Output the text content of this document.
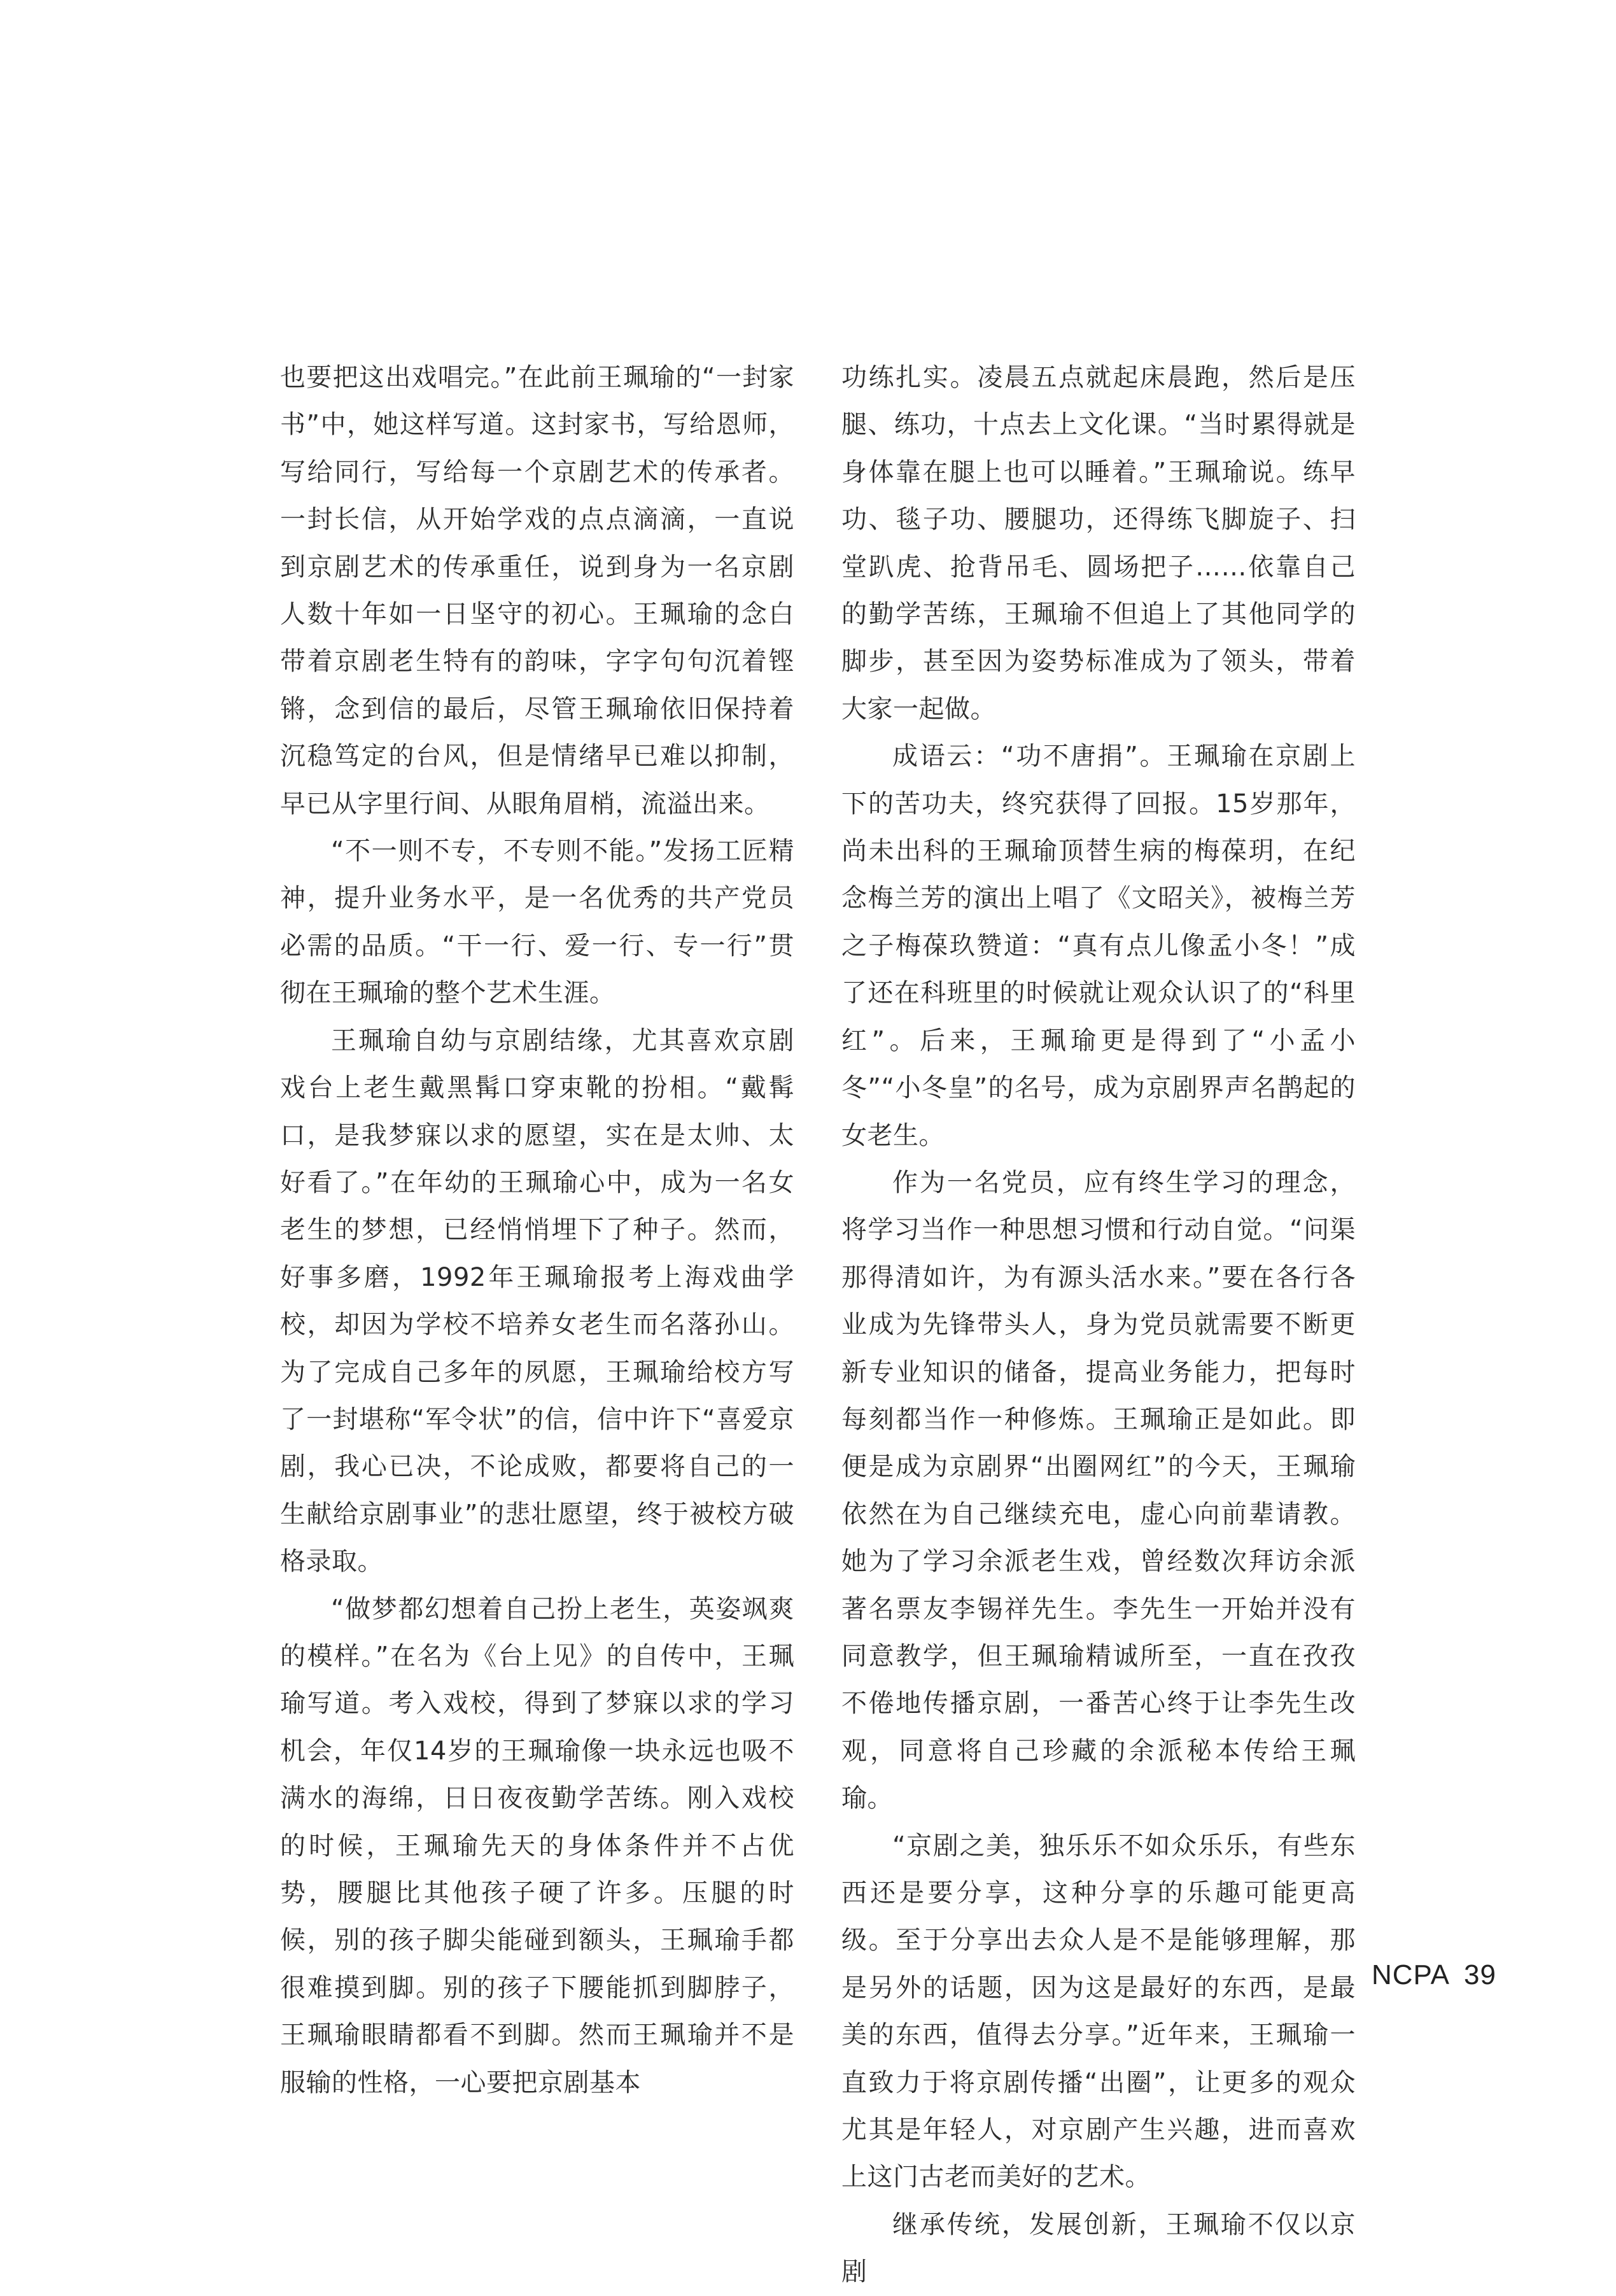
也要把这出戏唱完。”在此前王珮瑜的“一封家书”中，她这样写道。这封家书，写给恩师，写给同行，写给每一个京剧艺术的传承者。一封长信，从开始学戏的点点滴滴，一直说到京剧艺术的传承重任，说到身为一名京剧人数十年如一日坚守的初心。王珮瑜的念白带着京剧老生特有的韵味，字字句句沉着铿锵，念到信的最后，尽管王珮瑜依旧保持着沉稳笃定的台风，但是情绪早已难以抑制，早已从字里行间、从眼角眉梢，流溢出来。

“不一则不专，不专则不能。”发扬工匠精神，提升业务水平，是一名优秀的共产党员必需的品质。“干一行、爱一行、专一行”贯彻在王珮瑜的整个艺术生涯。

王珮瑜自幼与京剧结缘，尤其喜欢京剧戏台上老生戴黑髯口穿束靴的扮相。“戴髯口，是我梦寐以求的愿望，实在是太帅、太好看了。”在年幼的王珮瑜心中，成为一名女老生的梦想，已经悄悄埋下了种子。然而，好事多磨，1992年王珮瑜报考上海戏曲学校，却因为学校不培养女老生而名落孙山。为了完成自己多年的夙愿，王珮瑜给校方写了一封堪称“军令状”的信，信中许下“喜爱京剧，我心已决，不论成败，都要将自己的一生献给京剧事业”的悲壮愿望，终于被校方破格录取。

“做梦都幻想着自己扮上老生，英姿飒爽的模样。”在名为《台上见》的自传中，王珮瑜写道。考入戏校，得到了梦寐以求的学习机会，年仅14岁的王珮瑜像一块永远也吸不满水的海绵，日日夜夜勤学苦练。刚入戏校的时候，王珮瑜先天的身体条件并不占优势，腰腿比其他孩子硬了许多。压腿的时候，别的孩子脚尖能碰到额头，王珮瑜手都很难摸到脚。别的孩子下腰能抓到脚脖子，王珮瑜眼睛都看不到脚。然而王珮瑜并不是服输的性格，一心要把京剧基本

功练扎实。凌晨五点就起床晨跑，然后是压腿、练功，十点去上文化课。“当时累得就是身体靠在腿上也可以睡着。”王珮瑜说。练早功、毯子功、腰腿功，还得练飞脚旋子、扫堂趴虎、抢背吊毛、圆场把子……依靠自己的勤学苦练，王珮瑜不但追上了其他同学的脚步，甚至因为姿势标准成为了领头，带着大家一起做。

成语云：“功不唐捐”。王珮瑜在京剧上下的苦功夫，终究获得了回报。15岁那年，尚未出科的王珮瑜顶替生病的梅葆玥，在纪念梅兰芳的演出上唱了《文昭关》，被梅兰芳之子梅葆玖赞道：“真有点儿像孟小冬！”成了还在科班里的时候就让观众认识了的“科里红”。后来，王珮瑜更是得到了“小孟小冬”“小冬皇”的名号，成为京剧界声名鹊起的女老生。

作为一名党员，应有终生学习的理念，将学习当作一种思想习惯和行动自觉。“问渠那得清如许，为有源头活水来。”要在各行各业成为先锋带头人，身为党员就需要不断更新专业知识的储备，提高业务能力，把每时每刻都当作一种修炼。王珮瑜正是如此。即便是成为京剧界“出圈网红”的今天，王珮瑜依然在为自己继续充电，虚心向前辈请教。她为了学习余派老生戏，曾经数次拜访余派著名票友李锡祥先生。李先生一开始并没有同意教学，但王珮瑜精诚所至，一直在孜孜不倦地传播京剧，一番苦心终于让李先生改观，同意将自己珍藏的余派秘本传给王珮瑜。

“京剧之美，独乐乐不如众乐乐，有些东西还是要分享，这种分享的乐趣可能更高级。至于分享出去众人是不是能够理解，那是另外的话题，因为这是最好的东西，是最美的东西，值得去分享。”近年来，王珮瑜一直致力于将京剧传播“出圈”，让更多的观众尤其是年轻人，对京剧产生兴趣，进而喜欢上这门古老而美好的艺术。

继承传统，发展创新，王珮瑜不仅以京剧

NCPA 39
